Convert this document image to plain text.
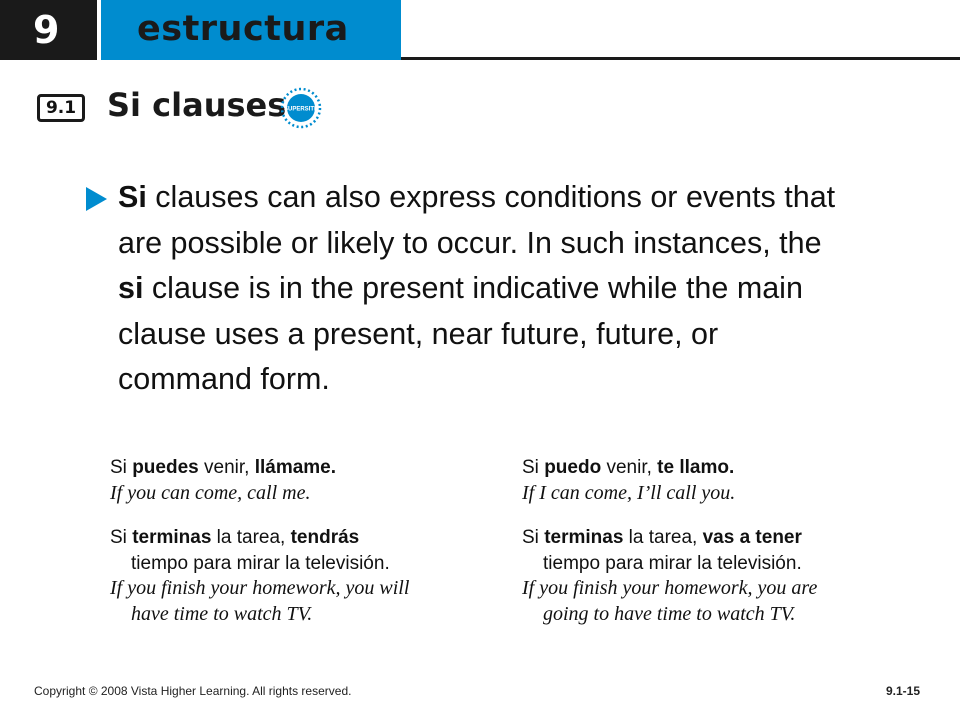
9 estructura
9.1 Si clauses
SUPERSITE
Si clauses can also express conditions or events that are possible or likely to occur. In such instances, the si clause is in the present indicative while the main clause uses a present, near future, future, or command form.
Si puedes venir, llámame.
If you can come, call me.
Si terminas la tarea, tendrás
tiempo para mirar la televisión.
If you finish your homework, you will
have time to watch TV.
Si puedo venir, te llamo.
If I can come, I’ll call you.
Si terminas la tarea, vas a tener
tiempo para mirar la televisión.
If you finish your homework, you are
going to have time to watch TV.
Copyright © 2008 Vista Higher Learning. All rights reserved.	9.1-15
